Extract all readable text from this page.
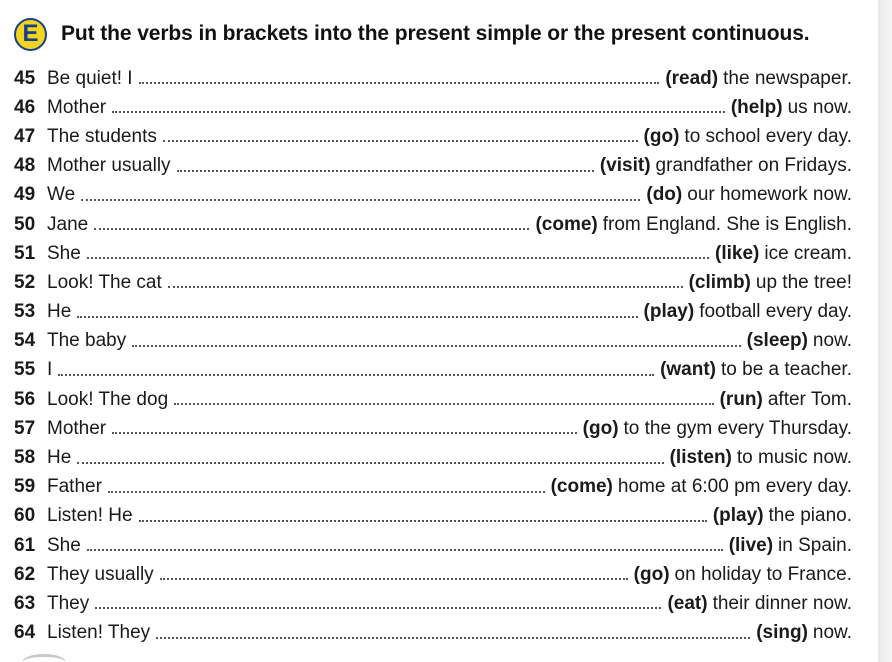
E	Put the verbs in brackets into the present simple or the present continuous.
45 Be quiet! I	(read) the newspaper.
46 Mother	(help) us now.
47 The students	(go) to school every day.
48 Mother usually	(visit) grandfather on Fridays.
49 We	(do) our homework now.
50 Jane	(come) from England. She is English.
51 She	(like) ice cream.
52 Look! The cat	(climb) up the tree!
53 He	(play) football every day.
54 The baby	(sleep) now.
55 I	(want) to be a teacher.
56 Look! The dog	(run) after Tom.
57 Mother	(go) to the gym every Thursday.
58 He	(listen) to music now.
59 Father	(come) home at 6:00 pm every day.
60 Listen! He	(play) the piano.
61 She	(live) in Spain.
62 They usually	(go) on holiday to France.
63 They	(eat) their dinner now.
64 Listen! They	(sing) now.
